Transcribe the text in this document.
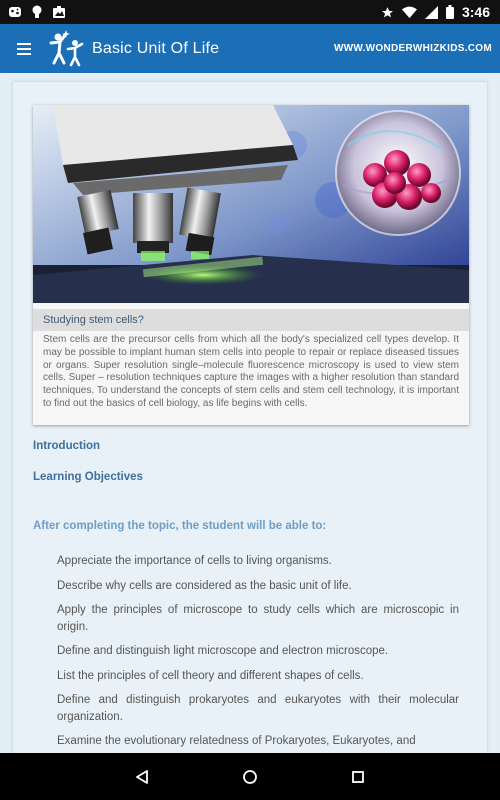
3:46
Basic Unit Of Life	WWW.WONDERWHIZKIDS.COM
Studying stem cells?
Stem cells are the precursor cells from which all the body's specialized cell types develop. It may be possible to implant human stem cells into people to repair or replace diseased tissues or organs. Super resolution single–molecule fluorescence microscopy is used to view stem cells. Super – resolution techniques capture the images with a higher resolution than standard techniques. To understand the concepts of stem cells and stem cell technology, it is important to find out the basics of cell biology, as life begins with cells.
Introduction
Learning Objectives
After completing the topic, the student will be able to:
Appreciate the importance of cells to living organisms.
Describe why cells are considered as the basic unit of life.
Apply the principles of microscope to study cells which are microscopic in origin.
Define and distinguish light microscope and electron microscope.
List the principles of cell theory and different shapes of cells.
Define and distinguish prokaryotes and eukaryotes with their molecular organization.
Examine the evolutionary relatedness of Prokaryotes, Eukaryotes, and
